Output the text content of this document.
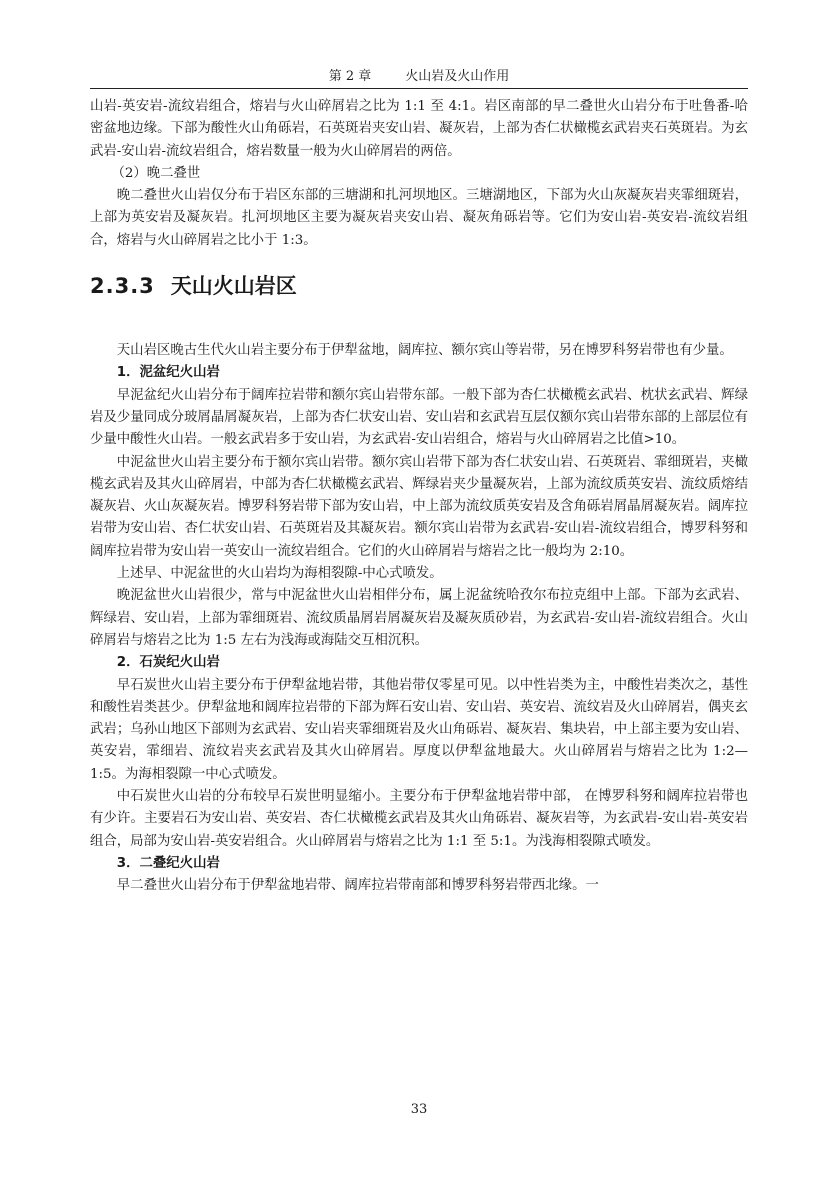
第 2 章	火山岩及火山作用

山岩-英安岩-流纹岩组合，熔岩与火山碎屑岩之比为 1:1 至 4:1。岩区南部的早二叠世火山岩分布于吐鲁番-哈密盆地边缘。下部为酸性火山角砾岩，石英斑岩夹安山岩、凝灰岩，上部为杏仁状橄榄玄武岩夹石英斑岩。为玄武岩-安山岩-流纹岩组合，熔岩数量一般为火山碎屑岩的两倍。

（2）晚二叠世

晚二叠世火山岩仅分布于岩区东部的三塘湖和扎河坝地区。三塘湖地区，下部为火山灰凝灰岩夹霏细斑岩，上部为英安岩及凝灰岩。扎河坝地区主要为凝灰岩夹安山岩、凝灰角砾岩等。它们为安山岩-英安岩-流纹岩组合，熔岩与火山碎屑岩之比小于 1:3。

2.3.3 天山火山岩区

天山岩区晚古生代火山岩主要分布于伊犁盆地，阔库拉、额尔宾山等岩带，另在博罗科努岩带也有少量。

1．泥盆纪火山岩

早泥盆纪火山岩分布于阔库拉岩带和额尔宾山岩带东部。一般下部为杏仁状橄榄玄武岩、枕状玄武岩、辉绿岩及少量同成分玻屑晶屑凝灰岩，上部为杏仁状安山岩、安山岩和玄武岩互层仅额尔宾山岩带东部的上部层位有少量中酸性火山岩。一般玄武岩多于安山岩，为玄武岩-安山岩组合，熔岩与火山碎屑岩之比值>10。

中泥盆世火山岩主要分布于额尔宾山岩带。额尔宾山岩带下部为杏仁状安山岩、石英斑岩、霏细斑岩，夹橄榄玄武岩及其火山碎屑岩，中部为杏仁状橄榄玄武岩、辉绿岩夹少量凝灰岩，上部为流纹质英安岩、流纹质熔结凝灰岩、火山灰凝灰岩。博罗科努岩带下部为安山岩，中上部为流纹质英安岩及含角砾岩屑晶屑凝灰岩。阔库拉岩带为安山岩、杏仁状安山岩、石英斑岩及其凝灰岩。额尔宾山岩带为玄武岩-安山岩-流纹岩组合，博罗科努和阔库拉岩带为安山岩一英安山一流纹岩组合。它们的火山碎屑岩与熔岩之比一般均为 2:10。

上述早、中泥盆世的火山岩均为海相裂隙-中心式喷发。

晚泥盆世火山岩很少，常与中泥盆世火山岩相伴分布，属上泥盆统哈孜尔布拉克组中上部。下部为玄武岩、辉绿岩、安山岩，上部为霏细斑岩、流纹质晶屑岩屑凝灰岩及凝灰质砂岩，为玄武岩-安山岩-流纹岩组合。火山碎屑岩与熔岩之比为 1:5 左右为浅海或海陆交互相沉积。

2．石炭纪火山岩

早石炭世火山岩主要分布于伊犁盆地岩带，其他岩带仅零星可见。以中性岩类为主，中酸性岩类次之，基性和酸性岩类甚少。伊犁盆地和阔库拉岩带的下部为辉石安山岩、安山岩、英安岩、流纹岩及火山碎屑岩，偶夹玄武岩；乌孙山地区下部则为玄武岩、安山岩夹霏细斑岩及火山角砾岩、凝灰岩、集块岩，中上部主要为安山岩、英安岩，霏细岩、流纹岩夹玄武岩及其火山碎屑岩。厚度以伊犁盆地最大。火山碎屑岩与熔岩之比为 1:2—1:5。为海相裂隙一中心式喷发。

中石炭世火山岩的分布较早石炭世明显缩小。主要分布于伊犁盆地岩带中部， 在博罗科努和阔库拉岩带也有少许。主要岩石为安山岩、英安岩、杏仁状橄榄玄武岩及其火山角砾岩、凝灰岩等，为玄武岩-安山岩-英安岩组合，局部为安山岩-英安岩组合。火山碎屑岩与熔岩之比为 1:1 至 5:1。为浅海相裂隙式喷发。

3．二叠纪火山岩

早二叠世火山岩分布于伊犁盆地岩带、阔库拉岩带南部和博罗科努岩带西北缘。一

33
